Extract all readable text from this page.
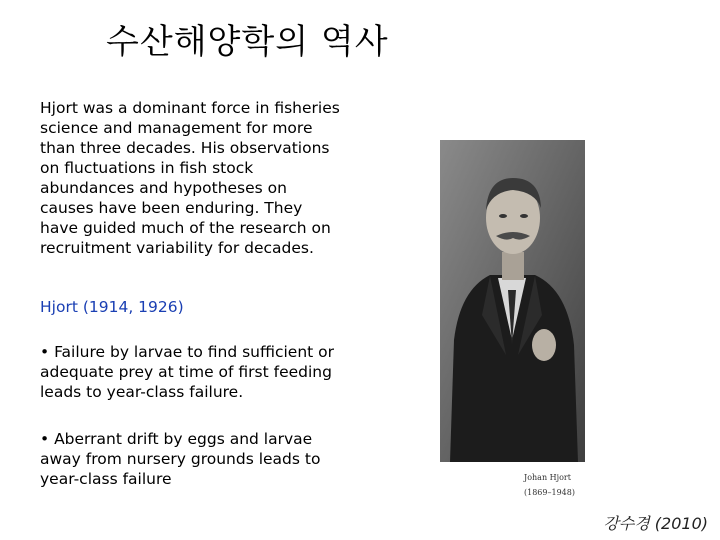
수산해양학의 역사
Hjort was a dominant force in fisheries
science and management for more
than three decades. His observations
on fluctuations in fish stock
abundances and hypotheses on
causes have been enduring. They
have guided much of the research on
recruitment variability for decades.
Hjort (1914, 1926)
• Failure by larvae to find sufficient or
adequate prey at time of first feeding
leads to year-class failure.
• Aberrant drift by eggs and larvae
away from nursery grounds leads to
year-class failure	Johan Hjort
(1869–1948)
강수경 (2010)
